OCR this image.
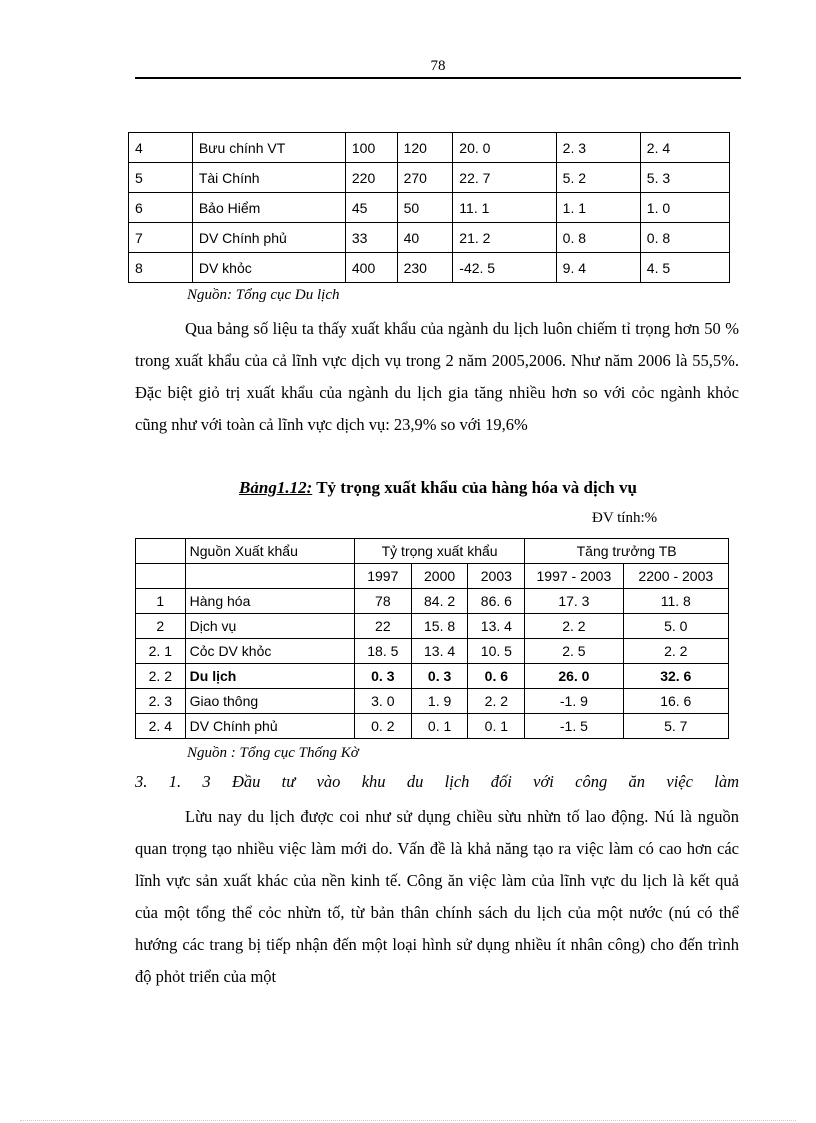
78
4	Bưu chính VT	100	120	20. 0	2. 3	2. 4
5	Tài Chính	220	270	22. 7	5. 2	5. 3
6	Bảo Hiểm	45	50	11. 1	1. 1	1. 0
7	DV Chính phủ	33	40	21. 2	0. 8	0. 8
8	DV khỏc	400	230	-42. 5	9. 4	4. 5
Nguồn: Tổng cục Du lịch
Qua bảng số liệu ta thấy xuất khẩu của ngành du lịch luôn chiếm tỉ trọng hơn 50 % trong xuất khẩu của cả lĩnh vực dịch vụ trong 2 năm 2005,2006. Như năm 2006 là 55,5%. Đặc biệt giỏ trị xuất khẩu của ngành du lịch gia tăng nhiều hơn so với cỏc ngành khỏc cũng như với toàn cả lĩnh vực dịch vụ: 23,9% so với 19,6%
Bảng1.12: Tỷ trọng xuất khẩu của hàng hóa và dịch vụ
ĐV tính:%
	Nguồn Xuất khẩu	Tỷ trọng xuất khẩu			Tăng trưởng TB	
		1997	2000	2003	1997 - 2003	2200 - 2003
1	Hàng hóa	78	84. 2	86. 6	17. 3	11. 8
2	Dịch vụ	22	15. 8	13. 4	2. 2	5. 0
2. 1	Cỏc DV khỏc	18. 5	13. 4	10. 5	2. 5	2. 2
2. 2	Du lịch	0. 3	0. 3	0. 6	26. 0	32. 6
2. 3	Giao thông	3. 0	1. 9	2. 2	-1. 9	16. 6
2. 4	DV Chính phủ	0. 2	0. 1	0. 1	-1. 5	5. 7
Nguồn : Tổng cục Thống Kờ
3. 1. 3 Đầu tư vào khu du lịch đối với công ăn việc làm
Lừu nay du lịch được coi như sử dụng chiều sừu nhừn tố lao động. Nú là nguồn quan trọng tạo nhiều việc làm mới do. Vấn đề là khả năng tạo ra việc làm có cao hơn các lĩnh vực sản xuất khác của nền kinh tế. Công ăn việc làm của lĩnh vực du lịch là kết quả của một tổng thể cỏc nhừn tố, từ bản thân chính sách du lịch của một nước (nú có thể hướng các trang bị tiếp nhận đến một loại hình sử dụng nhiều ít nhân công) cho đến trình độ phỏt triển của một
